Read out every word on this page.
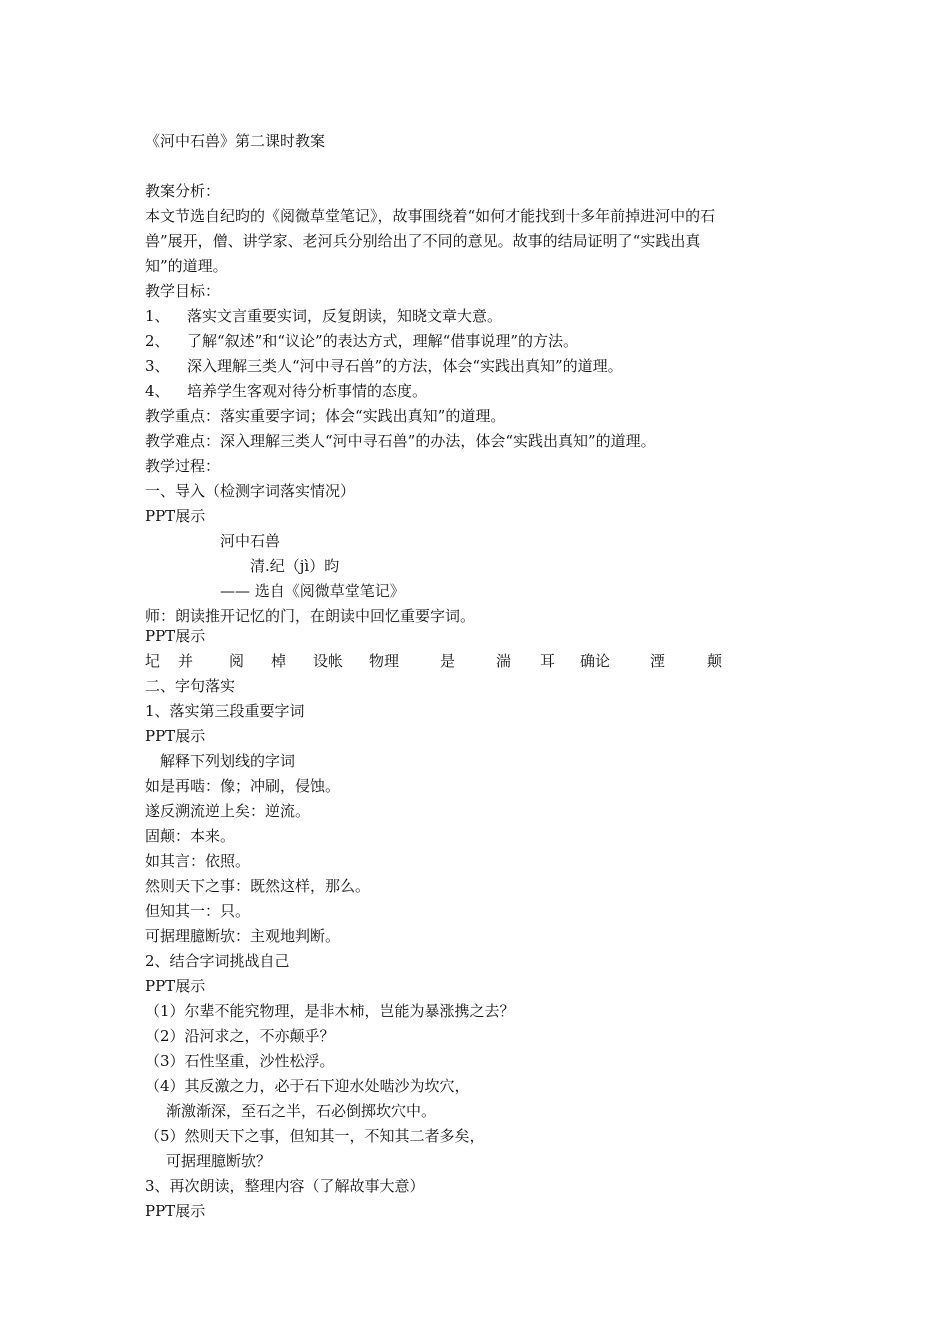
《河中石兽》第二课时教案
教案分析：
本文节选自纪昀的《阅微草堂笔记》，故事围绕着“如何才能找到十多年前掉进河中的石
兽”展开，僧、讲学家、老河兵分别给出了不同的意见。故事的结局证明了“实践出真
知”的道理。
教学目标：
1、 落实文言重要实词，反复朗读，知晓文章大意。
2、 了解“叙述”和“议论”的表达方式，理解“借事说理”的方法。
3、 深入理解三类人“河中寻石兽”的方法，体会“实践出真知”的道理。
4、 培养学生客观对待分析事情的态度。
教学重点：落实重要字词；体会“实践出真知”的道理。
教学难点：深入理解三类人“河中寻石兽”的办法，体会“实践出真知”的道理。
教学过程：
一、导入（检测字词落实情况）
PPT展示
河中石兽
清.纪（jì）昀
—— 选自《阅微草堂笔记》
师：朗读推开记忆的门，在朗读中回忆重要字词。
PPT展示
圮 并 阅 棹 设帐 物理	是	湍 耳 确论	湮	颠
二、字句落实
1、落实第三段重要字词
PPT展示
解释下列划线的字词
如是再啮：像；冲刷，侵蚀。
遂反溯流逆上矣：逆流。
固颠：本来。
如其言：依照。
然则天下之事：既然这样，那么。
但知其一：只。
可据理臆断欤：主观地判断。
2、结合字词挑战自己
PPT展示
（1）尔辈不能究物理，是非木柿，岂能为暴涨携之去？
（2）沿河求之，不亦颠乎？
（3）石性坚重，沙性松浮。
（4）其反激之力，必于石下迎水处啮沙为坎穴，
渐激渐深，至石之半，石必倒掷坎穴中。
（5）然则天下之事，但知其一，不知其二者多矣，
可据理臆断欤？
3、再次朗读，整理内容（了解故事大意）
PPT展示
